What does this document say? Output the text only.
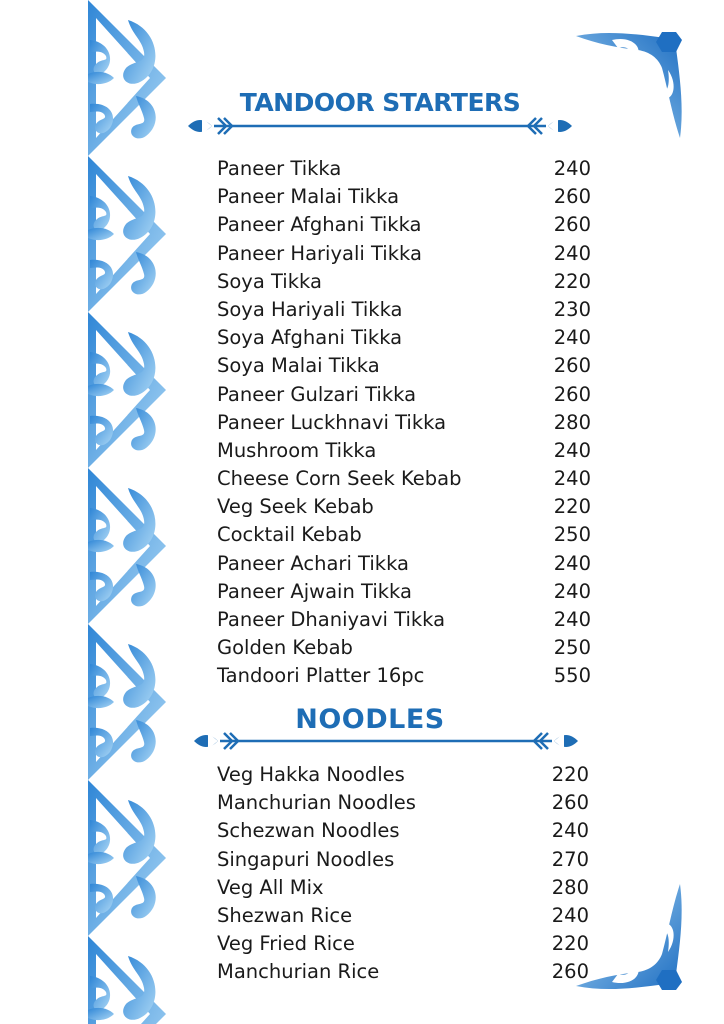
TANDOOR STARTERS
Paneer Tikka	240
Paneer Malai Tikka	260
Paneer Afghani Tikka	260
Paneer Hariyali Tikka	240
Soya Tikka	220
Soya Hariyali Tikka	230
Soya Afghani Tikka	240
Soya Malai Tikka	260
Paneer Gulzari Tikka	260
Paneer Luckhnavi Tikka	280
Mushroom Tikka	240
Cheese Corn Seek Kebab	240
Veg Seek Kebab	220
Cocktail Kebab	250
Paneer Achari Tikka	240
Paneer Ajwain Tikka	240
Paneer Dhaniyavi Tikka	240
Golden Kebab	250
Tandoori Platter 16pc	550
NOODLES
Veg Hakka Noodles	220
Manchurian Noodles	260
Schezwan Noodles	240
Singapuri Noodles	270
Veg All Mix	280
Shezwan Rice	240
Veg Fried Rice	220
Manchurian Rice	260
